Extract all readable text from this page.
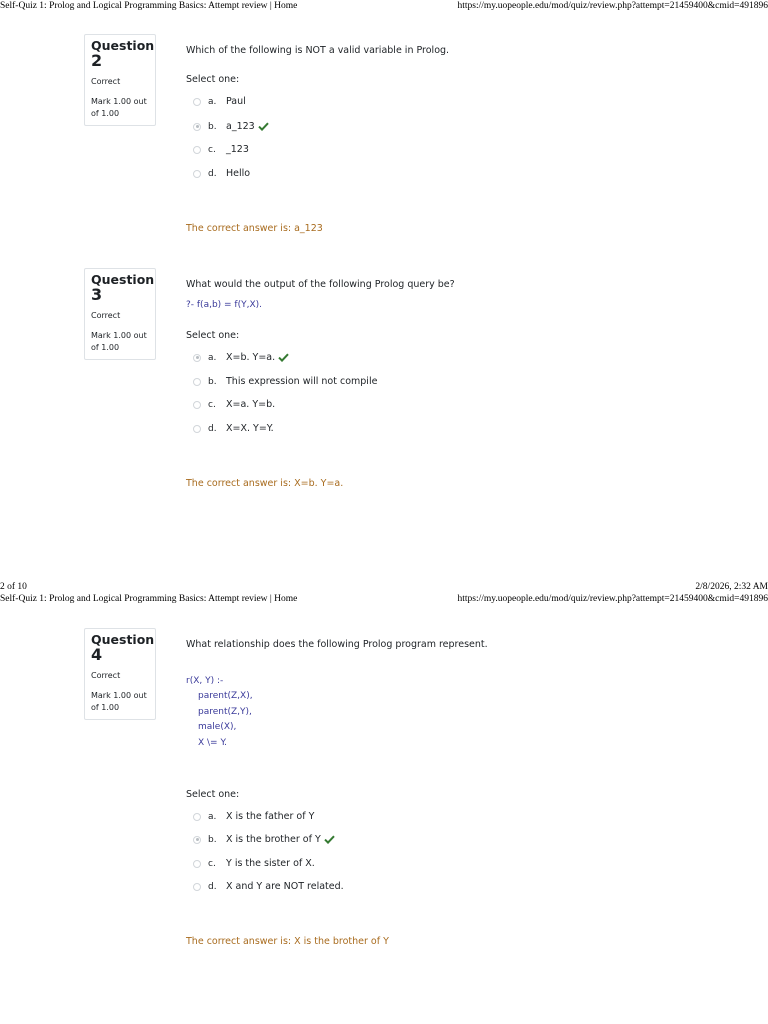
Self-Quiz 1: Prolog and Logical Programming Basics: Attempt review | Home	https://my.uopeople.edu/mod/quiz/review.php?attempt=21459400&cmid=491896
Question
2
Correct
Mark 1.00 out of 1.00
Which of the following is NOT a valid variable in Prolog.
Select one:
a. Paul
b. a_123
c. _123
d. Hello
The correct answer is: a_123
Question
3
Correct
Mark 1.00 out of 1.00
What would the output of the following Prolog query be?
?- f(a,b) = f(Y,X).
Select one:
a. X=b. Y=a.
b. This expression will not compile
c. X=a. Y=b.
d. X=X. Y=Y.
The correct answer is: X=b. Y=a.
2 of 10	2/8/2026, 2:32 AM
Self-Quiz 1: Prolog and Logical Programming Basics: Attempt review | Home	https://my.uopeople.edu/mod/quiz/review.php?attempt=21459400&cmid=491896
Question
4
Correct
Mark 1.00 out of 1.00
What relationship does the following Prolog program represent.
r(X, Y) :-
parent(Z,X),
parent(Z,Y),
male(X),
X \= Y.
Select one:
a. X is the father of Y
b. X is the brother of Y
c. Y is the sister of X.
d. X and Y are NOT related.
The correct answer is: X is the brother of Y
